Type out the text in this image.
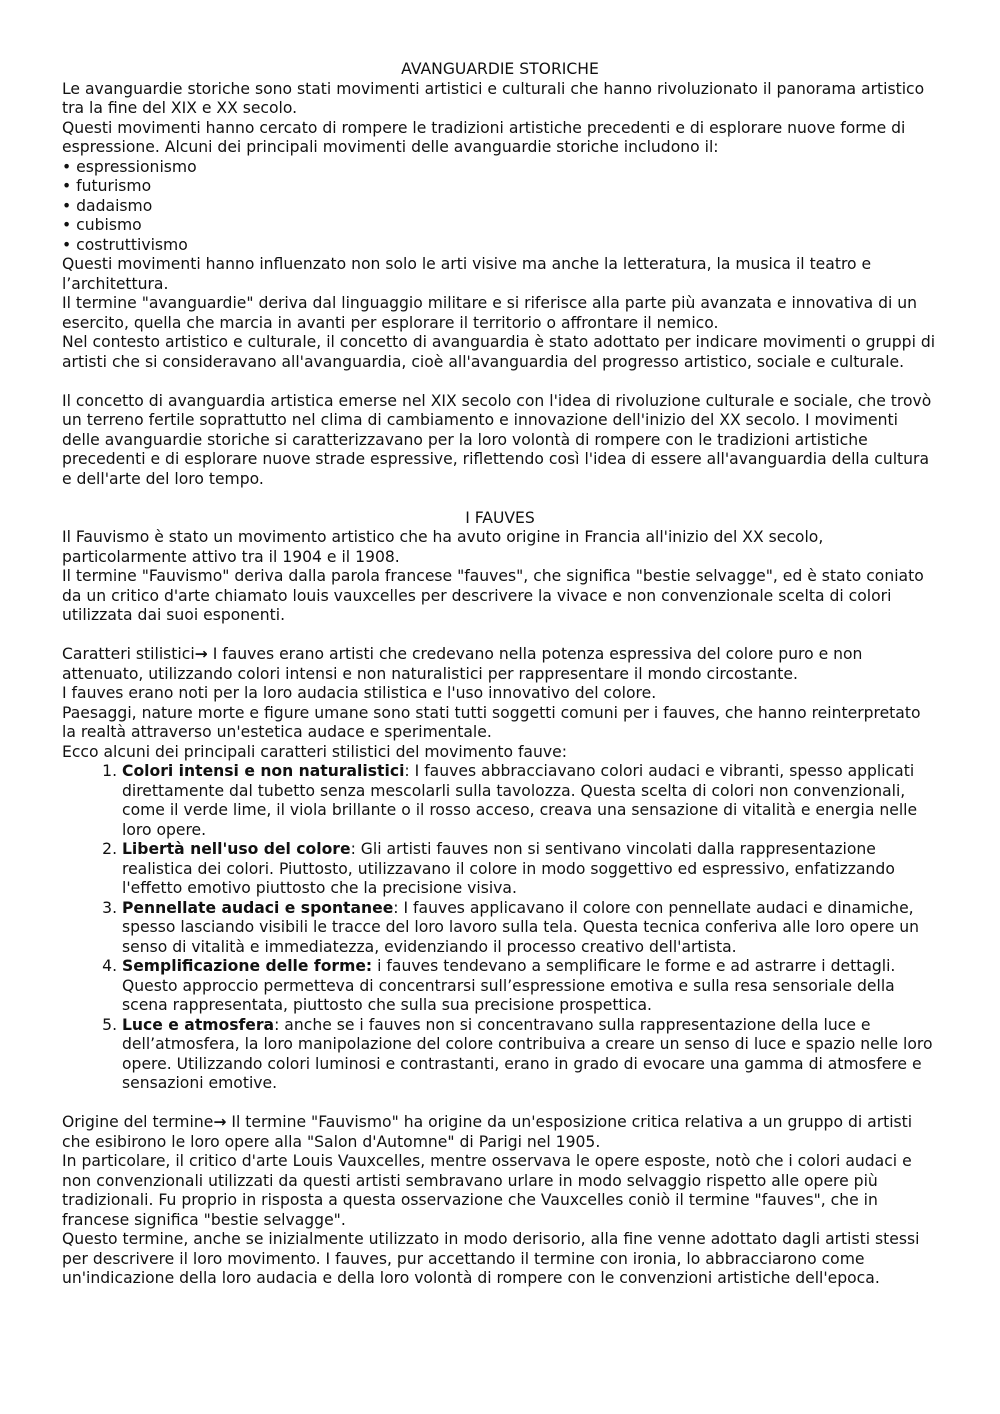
AVANGUARDIE STORICHE

Le avanguardie storiche sono stati movimenti artistici e culturali che hanno rivoluzionato il panorama artistico tra la fine del XIX e XX secolo.

Questi movimenti hanno cercato di rompere le tradizioni artistiche precedenti e di esplorare nuove forme di espressione. Alcuni dei principali movimenti delle avanguardie storiche includono il:

• espressionismo
• futurismo
• dadaismo
• cubismo
• costruttivismo

Questi movimenti hanno influenzato non solo le arti visive ma anche la letteratura, la musica il teatro e l’architettura.

Il termine "avanguardie" deriva dal linguaggio militare e si riferisce alla parte più avanzata e innovativa di un esercito, quella che marcia in avanti per esplorare il territorio o affrontare il nemico.

Nel contesto artistico e culturale, il concetto di avanguardia è stato adottato per indicare movimenti o gruppi di artisti che si consideravano all'avanguardia, cioè all'avanguardia del progresso artistico, sociale e culturale.

Il concetto di avanguardia artistica emerse nel XIX secolo con l'idea di rivoluzione culturale e sociale, che trovò un terreno fertile soprattutto nel clima di cambiamento e innovazione dell'inizio del XX secolo. I movimenti delle avanguardie storiche si caratterizzavano per la loro volontà di rompere con le tradizioni artistiche precedenti e di esplorare nuove strade espressive, riflettendo così l'idea di essere all'avanguardia della cultura e dell'arte del loro tempo.

I FAUVES

Il Fauvismo è stato un movimento artistico che ha avuto origine in Francia all'inizio del XX secolo, particolarmente attivo tra il 1904 e il 1908.

Il termine "Fauvismo" deriva dalla parola francese "fauves", che significa "bestie selvagge", ed è stato coniato da un critico d'arte chiamato louis vauxcelles per descrivere la vivace e non convenzionale scelta di colori utilizzata dai suoi esponenti.

Caratteri stilistici→ I fauves erano artisti che credevano nella potenza espressiva del colore puro e non attenuato, utilizzando colori intensi e non naturalistici per rappresentare il mondo circostante.

I fauves erano noti per la loro audacia stilistica e l'uso innovativo del colore.

Paesaggi, nature morte e figure umane sono stati tutti soggetti comuni per i fauves, che hanno reinterpretato la realtà attraverso un'estetica audace e sperimentale.

Ecco alcuni dei principali caratteri stilistici del movimento fauve:

1. Colori intensi e non naturalistici: I fauves abbracciavano colori audaci e vibranti, spesso applicati direttamente dal tubetto senza mescolarli sulla tavolozza. Questa scelta di colori non convenzionali, come il verde lime, il viola brillante o il rosso acceso, creava una sensazione di vitalità e energia nelle loro opere.
2. Libertà nell'uso del colore: Gli artisti fauves non si sentivano vincolati dalla rappresentazione realistica dei colori. Piuttosto, utilizzavano il colore in modo soggettivo ed espressivo, enfatizzando l'effetto emotivo piuttosto che la precisione visiva.
3. Pennellate audaci e spontanee: I fauves applicavano il colore con pennellate audaci e dinamiche, spesso lasciando visibili le tracce del loro lavoro sulla tela. Questa tecnica conferiva alle loro opere un senso di vitalità e immediatezza, evidenziando il processo creativo dell'artista.
4. Semplificazione delle forme: i fauves tendevano a semplificare le forme e ad astrarre i dettagli. Questo approccio permetteva di concentrarsi sull’espressione emotiva e sulla resa sensoriale della scena rappresentata, piuttosto che sulla sua precisione prospettica.
5. Luce e atmosfera: anche se i fauves non si concentravano sulla rappresentazione della luce e dell’atmosfera, la loro manipolazione del colore contribuiva a creare un senso di luce e spazio nelle loro opere. Utilizzando colori luminosi e contrastanti, erano in grado di evocare una gamma di atmosfere e sensazioni emotive.

Origine del termine→ Il termine "Fauvismo" ha origine da un'esposizione critica relativa a un gruppo di artisti che esibirono le loro opere alla "Salon d'Automne" di Parigi nel 1905.

In particolare, il critico d'arte Louis Vauxcelles, mentre osservava le opere esposte, notò che i colori audaci e non convenzionali utilizzati da questi artisti sembravano urlare in modo selvaggio rispetto alle opere più tradizionali. Fu proprio in risposta a questa osservazione che Vauxcelles coniò il termine "fauves", che in francese significa "bestie selvagge".

Questo termine, anche se inizialmente utilizzato in modo derisorio, alla fine venne adottato dagli artisti stessi per descrivere il loro movimento. I fauves, pur accettando il termine con ironia, lo abbracciarono come un'indicazione della loro audacia e della loro volontà di rompere con le convenzioni artistiche dell'epoca.
